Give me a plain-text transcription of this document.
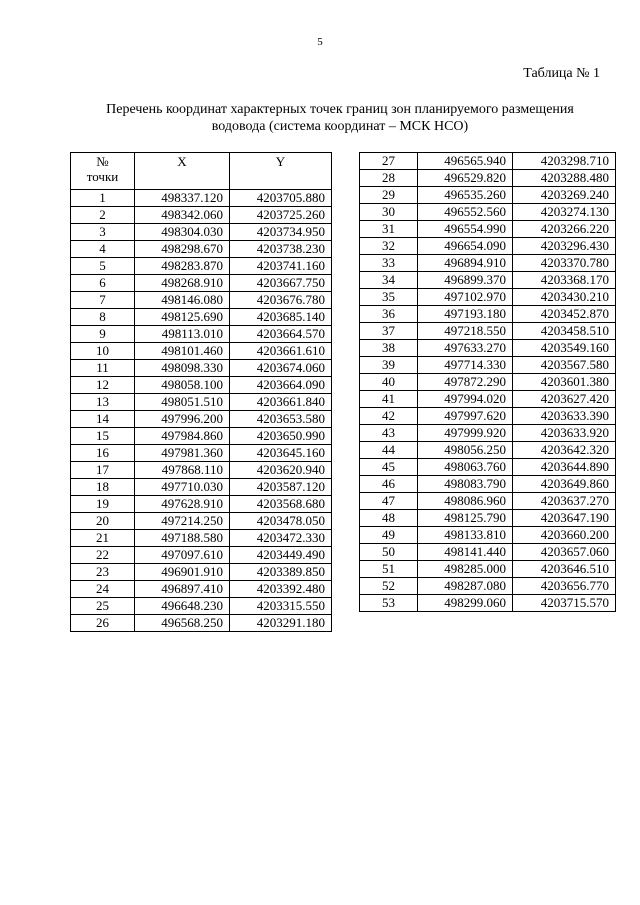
5
Таблица № 1
Перечень координат характерных точек границ зон планируемого размещения
водовода (система координат – МСК НСО)
№
точки	X	Y
1	498337.120	4203705.880
2	498342.060	4203725.260
3	498304.030	4203734.950
4	498298.670	4203738.230
5	498283.870	4203741.160
6	498268.910	4203667.750
7	498146.080	4203676.780
8	498125.690	4203685.140
9	498113.010	4203664.570
10	498101.460	4203661.610
11	498098.330	4203674.060
12	498058.100	4203664.090
13	498051.510	4203661.840
14	497996.200	4203653.580
15	497984.860	4203650.990
16	497981.360	4203645.160
17	497868.110	4203620.940
18	497710.030	4203587.120
19	497628.910	4203568.680
20	497214.250	4203478.050
21	497188.580	4203472.330
22	497097.610	4203449.490
23	496901.910	4203389.850
24	496897.410	4203392.480
25	496648.230	4203315.550
26	496568.250	4203291.180
27	496565.940	4203298.710
28	496529.820	4203288.480
29	496535.260	4203269.240
30	496552.560	4203274.130
31	496554.990	4203266.220
32	496654.090	4203296.430
33	496894.910	4203370.780
34	496899.370	4203368.170
35	497102.970	4203430.210
36	497193.180	4203452.870
37	497218.550	4203458.510
38	497633.270	4203549.160
39	497714.330	4203567.580
40	497872.290	4203601.380
41	497994.020	4203627.420
42	497997.620	4203633.390
43	497999.920	4203633.920
44	498056.250	4203642.320
45	498063.760	4203644.890
46	498083.790	4203649.860
47	498086.960	4203637.270
48	498125.790	4203647.190
49	498133.810	4203660.200
50	498141.440	4203657.060
51	498285.000	4203646.510
52	498287.080	4203656.770
53	498299.060	4203715.570
